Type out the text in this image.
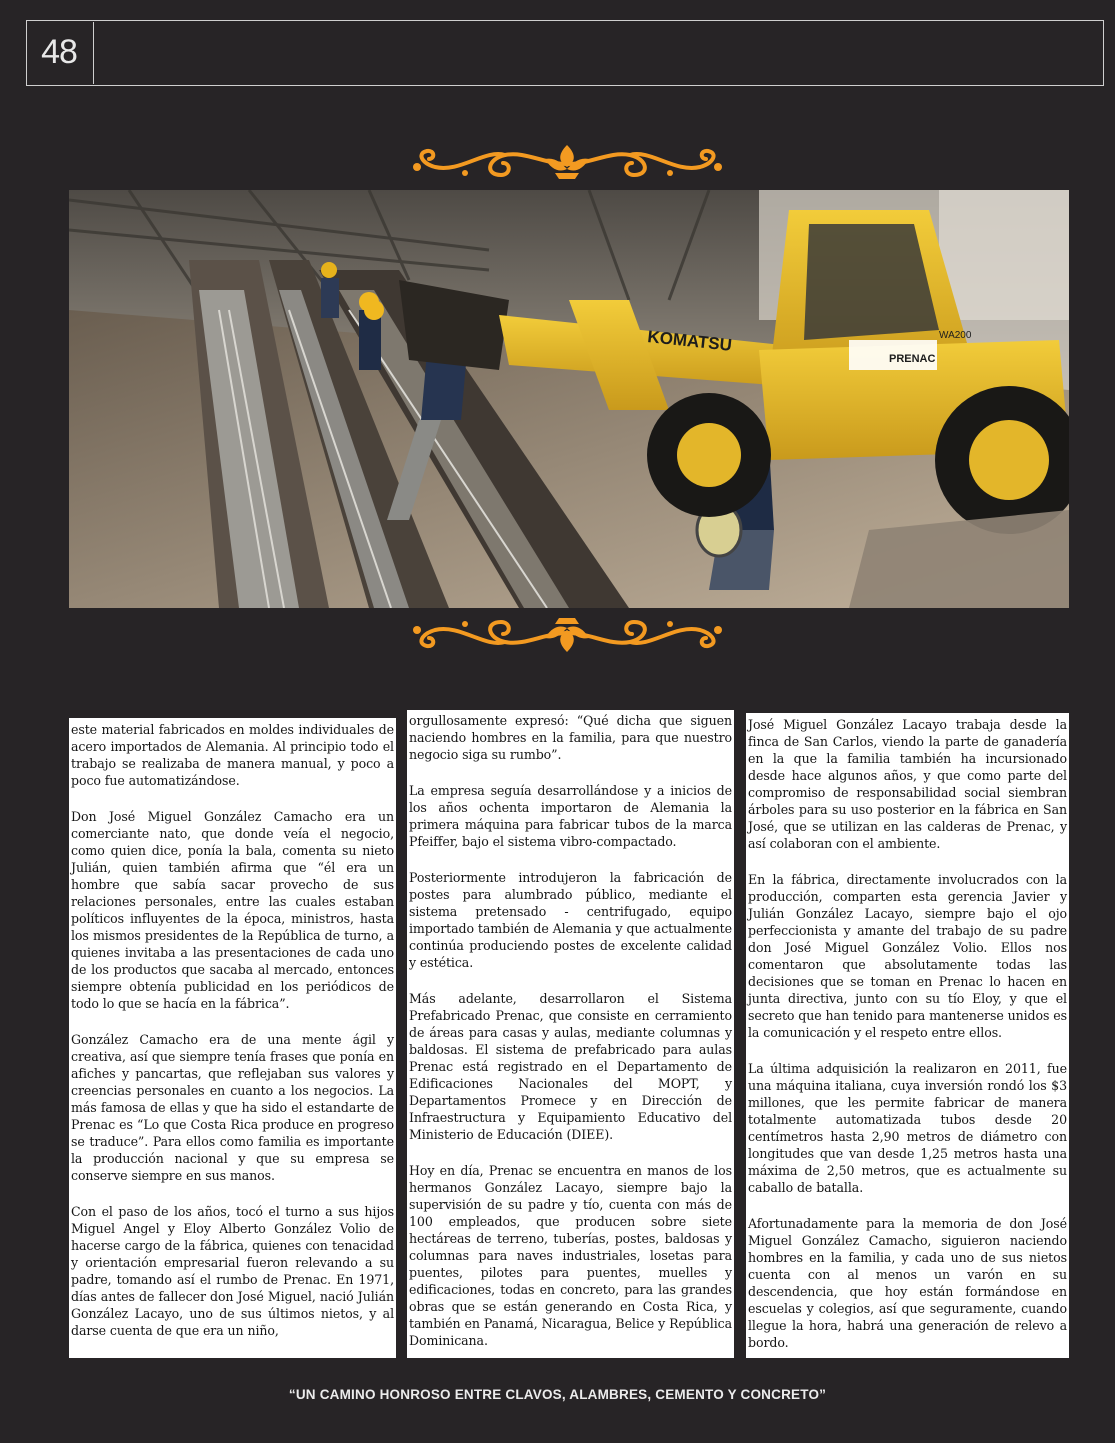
48
KOMATSU
PRENAC
WA200

este material fabricados en moldes individuales de acero importados de Alemania. Al principio todo el trabajo se realizaba de manera manual, y poco a poco fue automatizándose.

Don José Miguel González Camacho era un comerciante nato, que donde veía el negocio, como quien dice, ponía la bala, comenta su nieto Julián, quien también afirma que “él era un hombre que sabía sacar provecho de sus relaciones personales, entre las cuales estaban políticos influyentes de la época, ministros, hasta los mismos presidentes de la República de turno, a quienes invitaba a las presentaciones de cada uno de los productos que sacaba al mercado, entonces siempre obtenía publicidad en los periódicos de todo lo que se hacía en la fábrica”.

González Camacho era de una mente ágil y creativa, así que siempre tenía frases que ponía en afiches y pancartas, que reflejaban sus valores y creencias personales en cuanto a los negocios. La más famosa de ellas y que ha sido el estandarte de Prenac es “Lo que Costa Rica produce en progreso se traduce”. Para ellos como familia es importante la producción nacional y que su empresa se conserve siempre en sus manos.

Con el paso de los años, tocó el turno a sus hijos Miguel Angel y Eloy Alberto González Volio de hacerse cargo de la fábrica, quienes con tenacidad y orientación empresarial fueron relevando a su padre, tomando así el rumbo de Prenac. En 1971, días antes de fallecer don José Miguel, nació Julián González Lacayo, uno de sus últimos nietos, y al darse cuenta de que era un niño,

orgullosamente expresó: “Qué dicha que siguen naciendo hombres en la familia, para que nuestro negocio siga su rumbo”.

La empresa seguía desarrollándose y a inicios de los años ochenta importaron de Alemania la primera máquina para fabricar tubos de la marca Pfeiffer, bajo el sistema vibro-compactado.

Posteriormente introdujeron la fabricación de postes para alumbrado público, mediante el sistema pretensado - centrifugado, equipo importado también de Alemania y que actualmente continúa produciendo postes de excelente calidad y estética.

Más adelante, desarrollaron el Sistema Prefabricado Prenac, que consiste en cerramiento de áreas para casas y aulas, mediante columnas y baldosas. El sistema de prefabricado para aulas Prenac está registrado en el Departamento de Edificaciones Nacionales del MOPT, y Departamentos Promece y en Dirección de Infraestructura y Equipamiento Educativo del Ministerio de Educación (DIEE).

Hoy en día, Prenac se encuentra en manos de los hermanos González Lacayo, siempre bajo la supervisión de su padre y tío, cuenta con más de 100 empleados, que producen sobre siete hectáreas de terreno, tuberías, postes, baldosas y columnas para naves industriales, losetas para puentes, pilotes para puentes, muelles y edificaciones, todas en concreto, para las grandes obras que se están generando en Costa Rica, y también en Panamá, Nicaragua, Belice y República Dominicana.

José Miguel González Lacayo trabaja desde la finca de San Carlos, viendo la parte de ganadería en la que la familia también ha incursionado desde hace algunos años, y que como parte del compromiso de responsabilidad social siembran árboles para su uso posterior en la fábrica en San José, que se utilizan en las calderas de Prenac, y así colaboran con el ambiente.

En la fábrica, directamente involucrados con la producción, comparten esta gerencia Javier y Julián González Lacayo, siempre bajo el ojo perfeccionista y amante del trabajo de su padre don José Miguel González Volio. Ellos nos comentaron que absolutamente todas las decisiones que se toman en Prenac lo hacen en junta directiva, junto con su tío Eloy, y que el secreto que han tenido para mantenerse unidos es la comunicación y el respeto entre ellos.

La última adquisición la realizaron en 2011, fue una máquina italiana, cuya inversión rondó los $3 millones, que les permite fabricar de manera totalmente automatizada tubos desde 20 centímetros hasta 2,90 metros de diámetro con longitudes que van desde 1,25 metros hasta una máxima de 2,50 metros, que es actualmente su caballo de batalla.

Afortunadamente para la memoria de don José Miguel González Camacho, siguieron naciendo hombres en la familia, y cada uno de sus nietos cuenta con al menos un varón en su descendencia, que hoy están formándose en escuelas y colegios, así que seguramente, cuando llegue la hora, habrá una generación de relevo a bordo.

“UN CAMINO HONROSO ENTRE CLAVOS, ALAMBRES, CEMENTO Y CONCRETO”
